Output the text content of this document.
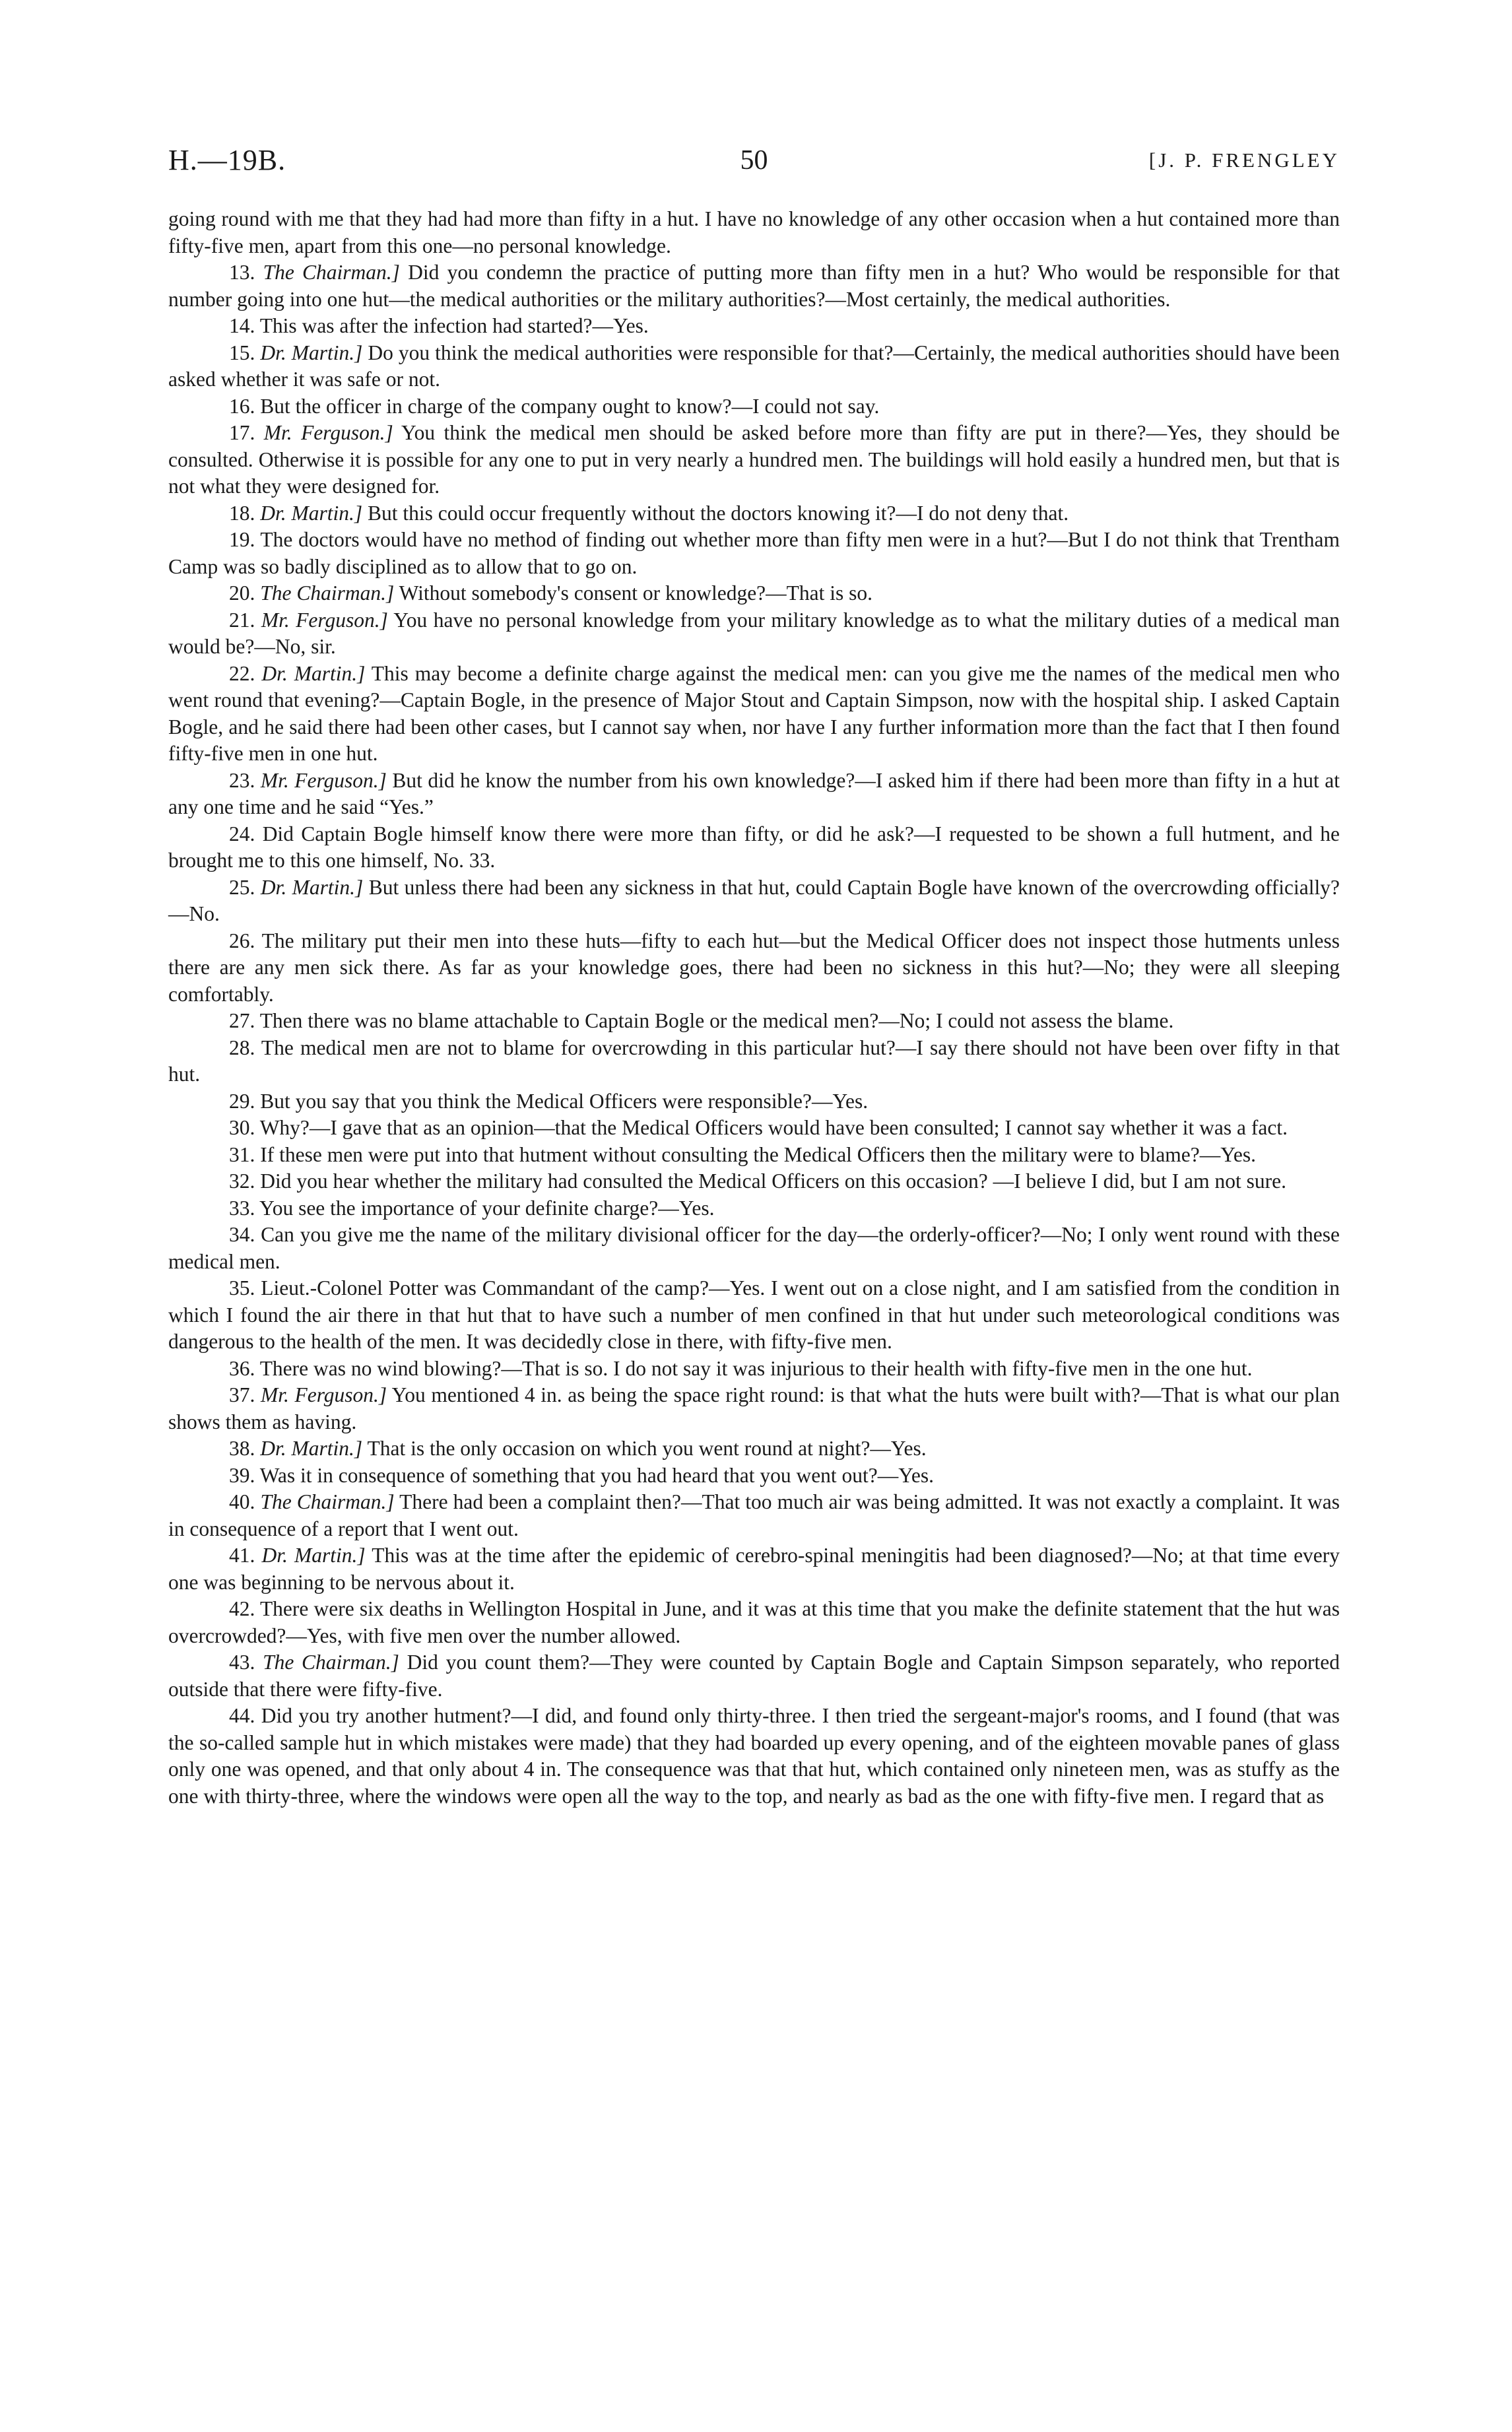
H.—19B.	50	[J. P. FRENGLEY

going round with me that they had had more than fifty in a hut. I have no knowledge of any other occasion when a hut contained more than fifty-five men, apart from this one—no personal knowledge.

13. The Chairman.] Did you condemn the practice of putting more than fifty men in a hut? Who would be responsible for that number going into one hut—the medical authorities or the military authorities?—Most certainly, the medical authorities.

14. This was after the infection had started?—Yes.

15. Dr. Martin.] Do you think the medical authorities were responsible for that?—Certainly, the medical authorities should have been asked whether it was safe or not.

16. But the officer in charge of the company ought to know?—I could not say.

17. Mr. Ferguson.] You think the medical men should be asked before more than fifty are put in there?—Yes, they should be consulted. Otherwise it is possible for any one to put in very nearly a hundred men. The buildings will hold easily a hundred men, but that is not what they were designed for.

18. Dr. Martin.] But this could occur frequently without the doctors knowing it?—I do not deny that.

19. The doctors would have no method of finding out whether more than fifty men were in a hut?—But I do not think that Trentham Camp was so badly disciplined as to allow that to go on.

20. The Chairman.] Without somebody's consent or knowledge?—That is so.

21. Mr. Ferguson.] You have no personal knowledge from your military knowledge as to what the military duties of a medical man would be?—No, sir.

22. Dr. Martin.] This may become a definite charge against the medical men: can you give me the names of the medical men who went round that evening?—Captain Bogle, in the presence of Major Stout and Captain Simpson, now with the hospital ship. I asked Captain Bogle, and he said there had been other cases, but I cannot say when, nor have I any further information more than the fact that I then found fifty-five men in one hut.

23. Mr. Ferguson.] But did he know the number from his own knowledge?—I asked him if there had been more than fifty in a hut at any one time and he said “Yes.”

24. Did Captain Bogle himself know there were more than fifty, or did he ask?—I requested to be shown a full hutment, and he brought me to this one himself, No. 33.

25. Dr. Martin.] But unless there had been any sickness in that hut, could Captain Bogle have known of the overcrowding officially?—No.

26. The military put their men into these huts—fifty to each hut—but the Medical Officer does not inspect those hutments unless there are any men sick there. As far as your knowledge goes, there had been no sickness in this hut?—No; they were all sleeping comfortably.

27. Then there was no blame attachable to Captain Bogle or the medical men?—No; I could not assess the blame.

28. The medical men are not to blame for overcrowding in this particular hut?—I say there should not have been over fifty in that hut.

29. But you say that you think the Medical Officers were responsible?—Yes.

30. Why?—I gave that as an opinion—that the Medical Officers would have been consulted; I cannot say whether it was a fact.

31. If these men were put into that hutment without consulting the Medical Officers then the military were to blame?—Yes.

32. Did you hear whether the military had consulted the Medical Officers on this occasion? —I believe I did, but I am not sure.

33. You see the importance of your definite charge?—Yes.

34. Can you give me the name of the military divisional officer for the day—the orderly-officer?—No; I only went round with these medical men.

35. Lieut.-Colonel Potter was Commandant of the camp?—Yes. I went out on a close night, and I am satisfied from the condition in which I found the air there in that hut that to have such a number of men confined in that hut under such meteorological conditions was dangerous to the health of the men. It was decidedly close in there, with fifty-five men.

36. There was no wind blowing?—That is so. I do not say it was injurious to their health with fifty-five men in the one hut.

37. Mr. Ferguson.] You mentioned 4 in. as being the space right round: is that what the huts were built with?—That is what our plan shows them as having.

38. Dr. Martin.] That is the only occasion on which you went round at night?—Yes.

39. Was it in consequence of something that you had heard that you went out?—Yes.

40. The Chairman.] There had been a complaint then?—That too much air was being admitted. It was not exactly a complaint. It was in consequence of a report that I went out.

41. Dr. Martin.] This was at the time after the epidemic of cerebro-spinal meningitis had been diagnosed?—No; at that time every one was beginning to be nervous about it.

42. There were six deaths in Wellington Hospital in June, and it was at this time that you make the definite statement that the hut was overcrowded?—Yes, with five men over the number allowed.

43. The Chairman.] Did you count them?—They were counted by Captain Bogle and Captain Simpson separately, who reported outside that there were fifty-five.

44. Did you try another hutment?—I did, and found only thirty-three. I then tried the sergeant-major's rooms, and I found (that was the so-called sample hut in which mistakes were made) that they had boarded up every opening, and of the eighteen movable panes of glass only one was opened, and that only about 4 in. The consequence was that that hut, which contained only nineteen men, was as stuffy as the one with thirty-three, where the windows were open all the way to the top, and nearly as bad as the one with fifty-five men. I regard that as
